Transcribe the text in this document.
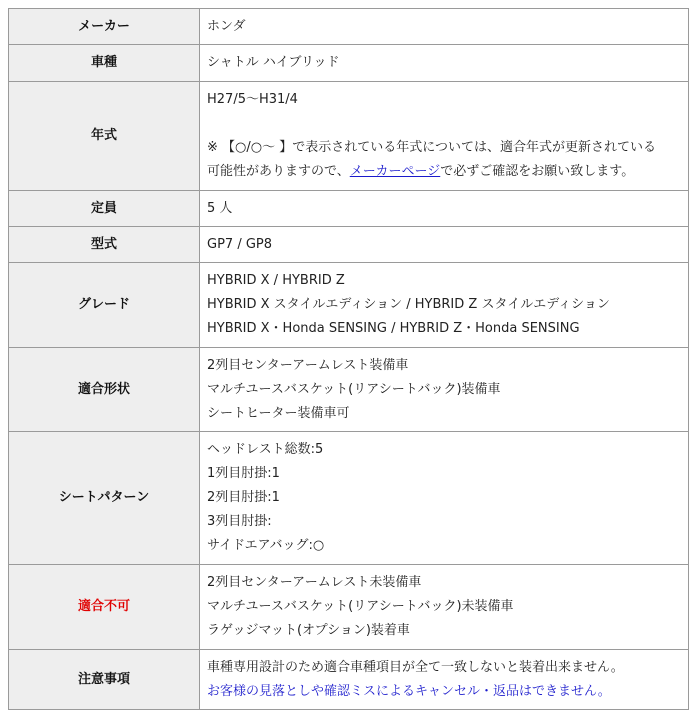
メーカー	ホンダ
車種	シャトル ハイブリッド
年式	H27/5～H31/4
※ 【○/○～ 】で表示されている年式については、適合年式が更新されている
可能性がありますので、メーカーページで必ずご確認をお願い致します。

定員	5 人
型式	GP7 / GP8
グレード	HYBRID X / HYBRID Z
HYBRID X スタイルエディション / HYBRID Z スタイルエディション
HYBRID X・Honda SENSING / HYBRID Z・Honda SENSING

適合形状	2列目センターアームレスト装備車
マルチユースバスケット(リアシートバック)装備車
シートヒーター装備車可

シートパターン	ヘッドレスト総数:5
1列目肘掛:1
2列目肘掛:1
3列目肘掛:
サイドエアバッグ:○

適合不可	2列目センターアームレスト未装備車
マルチユースバスケット(リアシートバック)未装備車
ラゲッジマット(オプション)装着車

注意事項	車種専用設計のため適合車種項目が全て一致しないと装着出来ません。
お客様の見落としや確認ミスによるキャンセル・返品はできません。
